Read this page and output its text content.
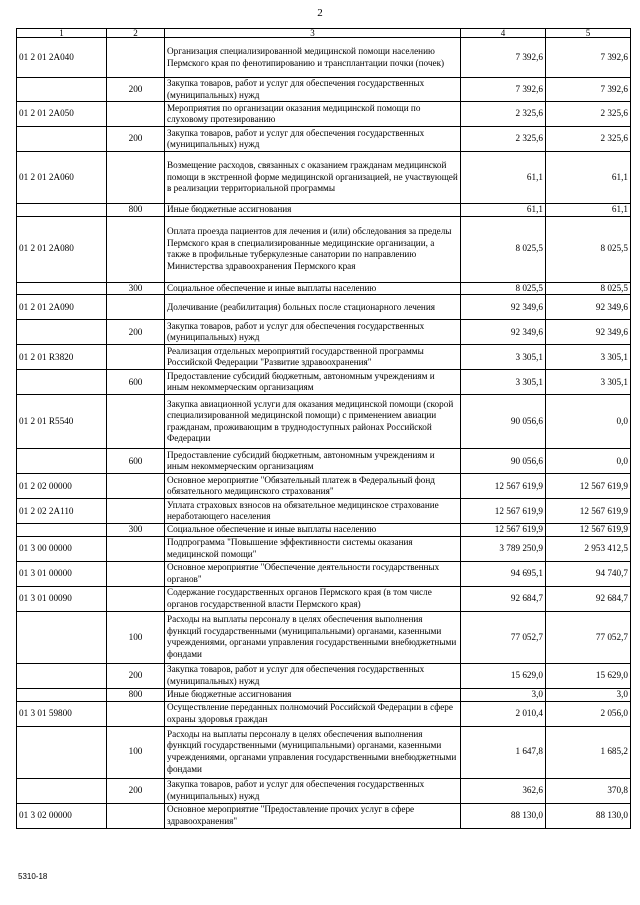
2
1	2	3	4	5
01 2 01 2А040		Организация специализированной медицинской помощи населению Пермского края по фенотипированию и трансплантации почки (почек)	7 392,6	7 392,6
	200	Закупка товаров, работ и услуг для обеспечения государственных (муниципальных) нужд	7 392,6	7 392,6
01 2 01 2А050		Мероприятия по организации оказания медицинской помощи по слуховому протезированию	2 325,6	2 325,6
	200	Закупка товаров, работ и услуг для обеспечения государственных (муниципальных) нужд	2 325,6	2 325,6
01 2 01 2А060		Возмещение расходов, связанных с оказанием гражданам медицинской помощи в экстренной форме медицинской организацией, не участвующей в реализации территориальной программы	61,1	61,1
	800	Иные бюджетные ассигнования	61,1	61,1
01 2 01 2А080		Оплата проезда пациентов для лечения и (или) обследования за пределы Пермского края в специализированные медицинские организации, а также в профильные туберкулезные санатории по направлению Министерства здравоохранения Пермского края	8 025,5	8 025,5
	300	Социальное обеспечение и иные выплаты населению	8 025,5	8 025,5
01 2 01 2А090		Долечивание (реабилитация) больных после стационарного лечения	92 349,6	92 349,6
	200	Закупка товаров, работ и услуг для обеспечения государственных (муниципальных) нужд	92 349,6	92 349,6
01 2 01 R3820		Реализация отдельных мероприятий государственной программы Российской Федерации "Развитие здравоохранения"	3 305,1	3 305,1
	600	Предоставление субсидий бюджетным, автономным учреждениям и иным некоммерческим организациям	3 305,1	3 305,1
01 2 01 R5540		Закупка авиационной услуги для оказания медицинской помощи (скорой специализированной медицинской помощи) с применением авиации гражданам, проживающим в труднодоступных районах Российской Федерации	90 056,6	0,0
	600	Предоставление субсидий бюджетным, автономным учреждениям и иным некоммерческим организациям	90 056,6	0,0
01 2 02 00000		Основное мероприятие "Обязательный платеж в Федеральный фонд обязательного медицинского страхования"	12 567 619,9	12 567 619,9
01 2 02 2А110		Уплата страховых взносов на обязательное медицинское страхование неработающего населения	12 567 619,9	12 567 619,9
	300	Социальное обеспечение и иные выплаты населению	12 567 619,9	12 567 619,9
01 3 00 00000		Подпрограмма "Повышение эффективности системы оказания медицинской помощи"	3 789 250,9	2 953 412,5
01 3 01 00000		Основное мероприятие "Обеспечение деятельности государственных органов"	94 695,1	94 740,7
01 3 01 00090		Содержание государственных органов Пермского края (в том числе органов государственной власти Пермского края)	92 684,7	92 684,7
	100	Расходы на выплаты персоналу в целях обеспечения выполнения функций государственными (муниципальными) органами, казенными учреждениями, органами управления государственными внебюджетными фондами	77 052,7	77 052,7
	200	Закупка товаров, работ и услуг для обеспечения государственных (муниципальных) нужд	15 629,0	15 629,0
	800	Иные бюджетные ассигнования	3,0	3,0
01 3 01 59800		Осуществление переданных полномочий Российской Федерации в сфере охраны здоровья граждан	2 010,4	2 056,0
	100	Расходы на выплаты персоналу в целях обеспечения выполнения функций государственными (муниципальными) органами, казенными учреждениями, органами управления государственными внебюджетными фондами	1 647,8	1 685,2
	200	Закупка товаров, работ и услуг для обеспечения государственных (муниципальных) нужд	362,6	370,8
01 3 02 00000		Основное мероприятие "Предоставление прочих услуг в сфере здравоохранения"	88 130,0	88 130,0
5310-18
